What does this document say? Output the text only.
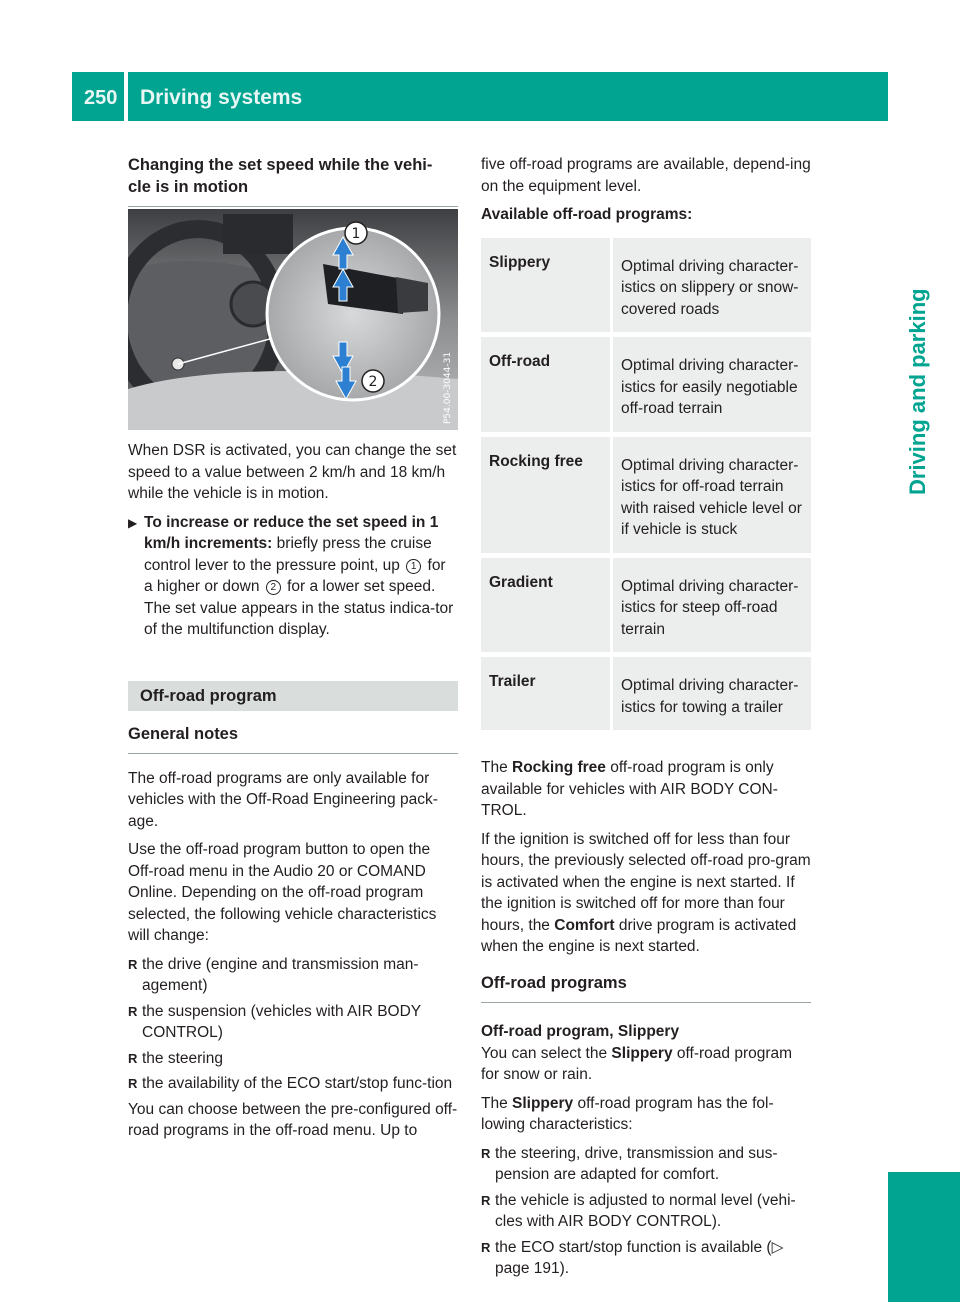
250 Driving systems
Driving and parking
Changing the set speed while the vehi-
cle is in motion
1
2	P54.00-3044-31

When DSR is activated, you can change the set speed to a value between 2 km/h and 18 km/h while the vehicle is in motion.

▶ To increase or reduce the set speed in 1 km/h increments: briefly press the cruise control lever to the pressure point, up 1 for a higher or down 2 for a lower set speed.
The set value appears in the status indica-tor of the multifunction display.
Off-road program
General notes

The off-road programs are only available for vehicles with the Off-Road Engineering pack-age.

Use the off-road program button to open the Off-road menu in the Audio 20 or COMAND Online. Depending on the off-road program selected, the following vehicle characteristics will change:

R the drive (engine and transmission man-agement)
R the suspension (vehicles with AIR BODY CONTROL)
R the steering
R the availability of the ECO start/stop func-tion

You can choose between the pre-configured off-road programs in the off-road menu. Up to

five off-road programs are available, depend-ing on the equipment level.

Available off-road programs:

Slippery	Optimal driving character-istics on slippery or snow-covered roads
Off-road	Optimal driving character-istics for easily negotiable off-road terrain
Rocking free	Optimal driving character-istics for off-road terrain with raised vehicle level or if vehicle is stuck
Gradient	Optimal driving character-istics for steep off-road terrain
Trailer	Optimal driving character-istics for towing a trailer

The Rocking free off-road program is only available for vehicles with AIR BODY CON-TROL.

If the ignition is switched off for less than four hours, the previously selected off-road pro-gram is activated when the engine is next started. If the ignition is switched off for more than four hours, the Comfort drive program is activated when the engine is next started.

Off-road programs
Off-road program, Slippery

You can select the Slippery off-road program for snow or rain.

The Slippery off-road program has the fol-lowing characteristics:

R the steering, drive, transmission and sus-pension are adapted for comfort.
R the vehicle is adjusted to normal level (vehi-cles with AIR BODY CONTROL).
R the ECO start/stop function is available (▷ page 191).
